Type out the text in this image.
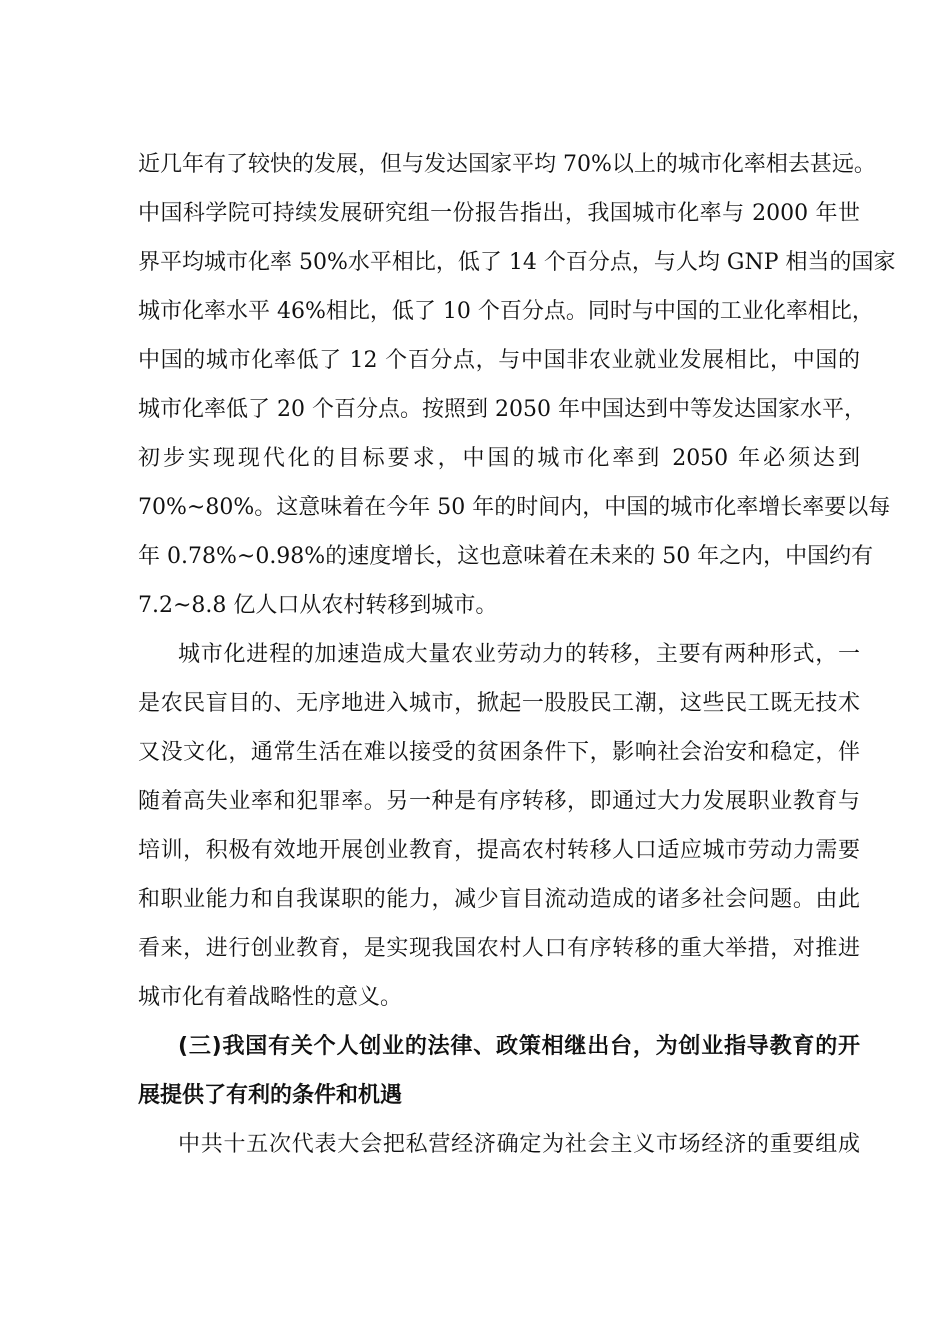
近几年有了较快的发展，但与发达国家平均 70%以上的城市化率相去甚远。
中国科学院可持续发展研究组一份报告指出，我国城市化率与 2000 年世
界平均城市化率 50%水平相比，低了 14 个百分点，与人均 GNP 相当的国家
城市化率水平 46%相比，低了 10 个百分点。同时与中国的工业化率相比，
中国的城市化率低了 12 个百分点，与中国非农业就业发展相比，中国的
城市化率低了 20 个百分点。按照到 2050 年中国达到中等发达国家水平，
初步实现现代化的目标要求，中国的城市化率到 2050 年必须达到
70%~80%。这意味着在今年 50 年的时间内，中国的城市化率增长率要以每
年 0.78%~0.98%的速度增长，这也意味着在未来的 50 年之内，中国约有
7.2~8.8 亿人口从农村转移到城市。
城市化进程的加速造成大量农业劳动力的转移，主要有两种形式，一
是农民盲目的、无序地进入城市，掀起一股股民工潮，这些民工既无技术
又没文化，通常生活在难以接受的贫困条件下，影响社会治安和稳定，伴
随着高失业率和犯罪率。另一种是有序转移，即通过大力发展职业教育与
培训，积极有效地开展创业教育，提高农村转移人口适应城市劳动力需要
和职业能力和自我谋职的能力，减少盲目流动造成的诸多社会问题。由此
看来，进行创业教育，是实现我国农村人口有序转移的重大举措，对推进
城市化有着战略性的意义。
(三)我国有关个人创业的法律、政策相继出台，为创业指导教育的开
展提供了有利的条件和机遇
中共十五次代表大会把私营经济确定为社会主义市场经济的重要组成
